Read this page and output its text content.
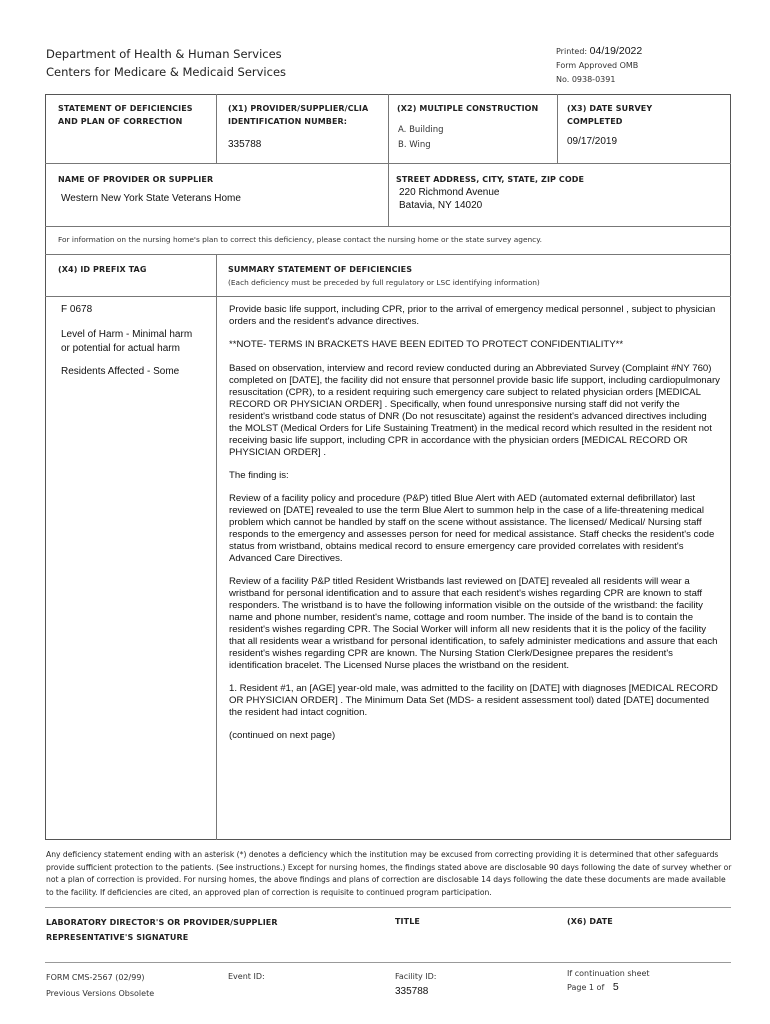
Department of Health & Human Services
Centers for Medicare & Medicaid Services
Printed: 04/19/2022
Form Approved OMB
No. 0938-0391
STATEMENT OF DEFICIENCIES
AND PLAN OF CORRECTION
(X1) PROVIDER/SUPPLIER/CLIA
IDENTIFICATION NUMBER:
335788
(X2) MULTIPLE CONSTRUCTION
A. Building
B. Wing
(X3) DATE SURVEY
COMPLETED
09/17/2019
NAME OF PROVIDER OR SUPPLIER
Western New York State Veterans Home
STREET ADDRESS, CITY, STATE, ZIP CODE
220 Richmond Avenue
Batavia, NY 14020
For information on the nursing home's plan to correct this deficiency, please contact the nursing home or the state survey agency.
(X4) ID PREFIX TAG	SUMMARY STATEMENT OF DEFICIENCIES
(Each deficiency must be preceded by full regulatory or LSC identifying information)
F 0678
Level of Harm - Minimal harm
or potential for actual harm
Residents Affected - Some

Provide basic life support, including CPR, prior to the arrival of emergency medical personnel , subject to physician orders and the resident's advance directives.

**NOTE- TERMS IN BRACKETS HAVE BEEN EDITED TO PROTECT CONFIDENTIALITY**

Based on observation, interview and record review conducted during an Abbreviated Survey (Complaint #NY 760) completed on [DATE], the facility did not ensure that personnel provide basic life support, including cardiopulmonary resuscitation (CPR), to a resident requiring such emergency care subject to related physician orders [MEDICAL RECORD OR PHYSICIAN ORDER] . Specifically, when found unresponsive nursing staff did not verify the resident's wristband code status of DNR (Do not resuscitate) against the resident's advanced directives including the MOLST (Medical Orders for Life Sustaining Treatment) in the medical record which resulted in the resident not receiving basic life support, including CPR in accordance with the physician orders [MEDICAL RECORD OR PHYSICIAN ORDER] .

The finding is:

Review of a facility policy and procedure (P&P) titled Blue Alert with AED (automated external defibrillator) last reviewed on [DATE] revealed to use the term Blue Alert to summon help in the case of a life-threatening medical problem which cannot be handled by staff on the scene without assistance. The licensed/ Medical/ Nursing staff responds to the emergency and assesses person for need for medical assistance. Staff checks the resident's code status from wristband, obtains medical record to ensure emergency care provided correlates with resident's Advanced Care Directives.

Review of a facility P&P titled Resident Wristbands last reviewed on [DATE] revealed all residents will wear a wristband for personal identification and to assure that each resident's wishes regarding CPR are known to staff responders. The wristband is to have the following information visible on the outside of the wristband: the facility name and phone number, resident's name, cottage and room number. The inside of the band is to contain the resident's wishes regarding CPR. The Social Worker will inform all new residents that it is the policy of the facility that all residents wear a wristband for personal identification, to safely administer medications and assure that each resident's wishes regarding CPR are known. The Nursing Station Clerk/Designee prepares the resident's identification bracelet. The Licensed Nurse places the wristband on the resident.

1. Resident #1, an [AGE] year-old male, was admitted to the facility on [DATE] with diagnoses [MEDICAL RECORD OR PHYSICIAN ORDER] . The Minimum Data Set (MDS- a resident assessment tool) dated [DATE] documented the resident had intact cognition.

(continued on next page)

Any deficiency statement ending with an asterisk (*) denotes a deficiency which the institution may be excused from correcting providing it is determined that other safeguards provide sufficient protection to the patients. (See instructions.) Except for nursing homes, the findings stated above are disclosable 90 days following the date of survey whether or not a plan of correction is provided. For nursing homes, the above findings and plans of correction are disclosable 14 days following the date these documents are made available to the facility. If deficiencies are cited, an approved plan of correction is requisite to continued program participation.
LABORATORY DIRECTOR'S OR PROVIDER/SUPPLIER
REPRESENTATIVE'S SIGNATURE
TITLE	(X6) DATE
FORM CMS-2567 (02/99)
Previous Versions Obsolete
Event ID:	Facility ID:
335788
If continuation sheet
Page 1 of 5
